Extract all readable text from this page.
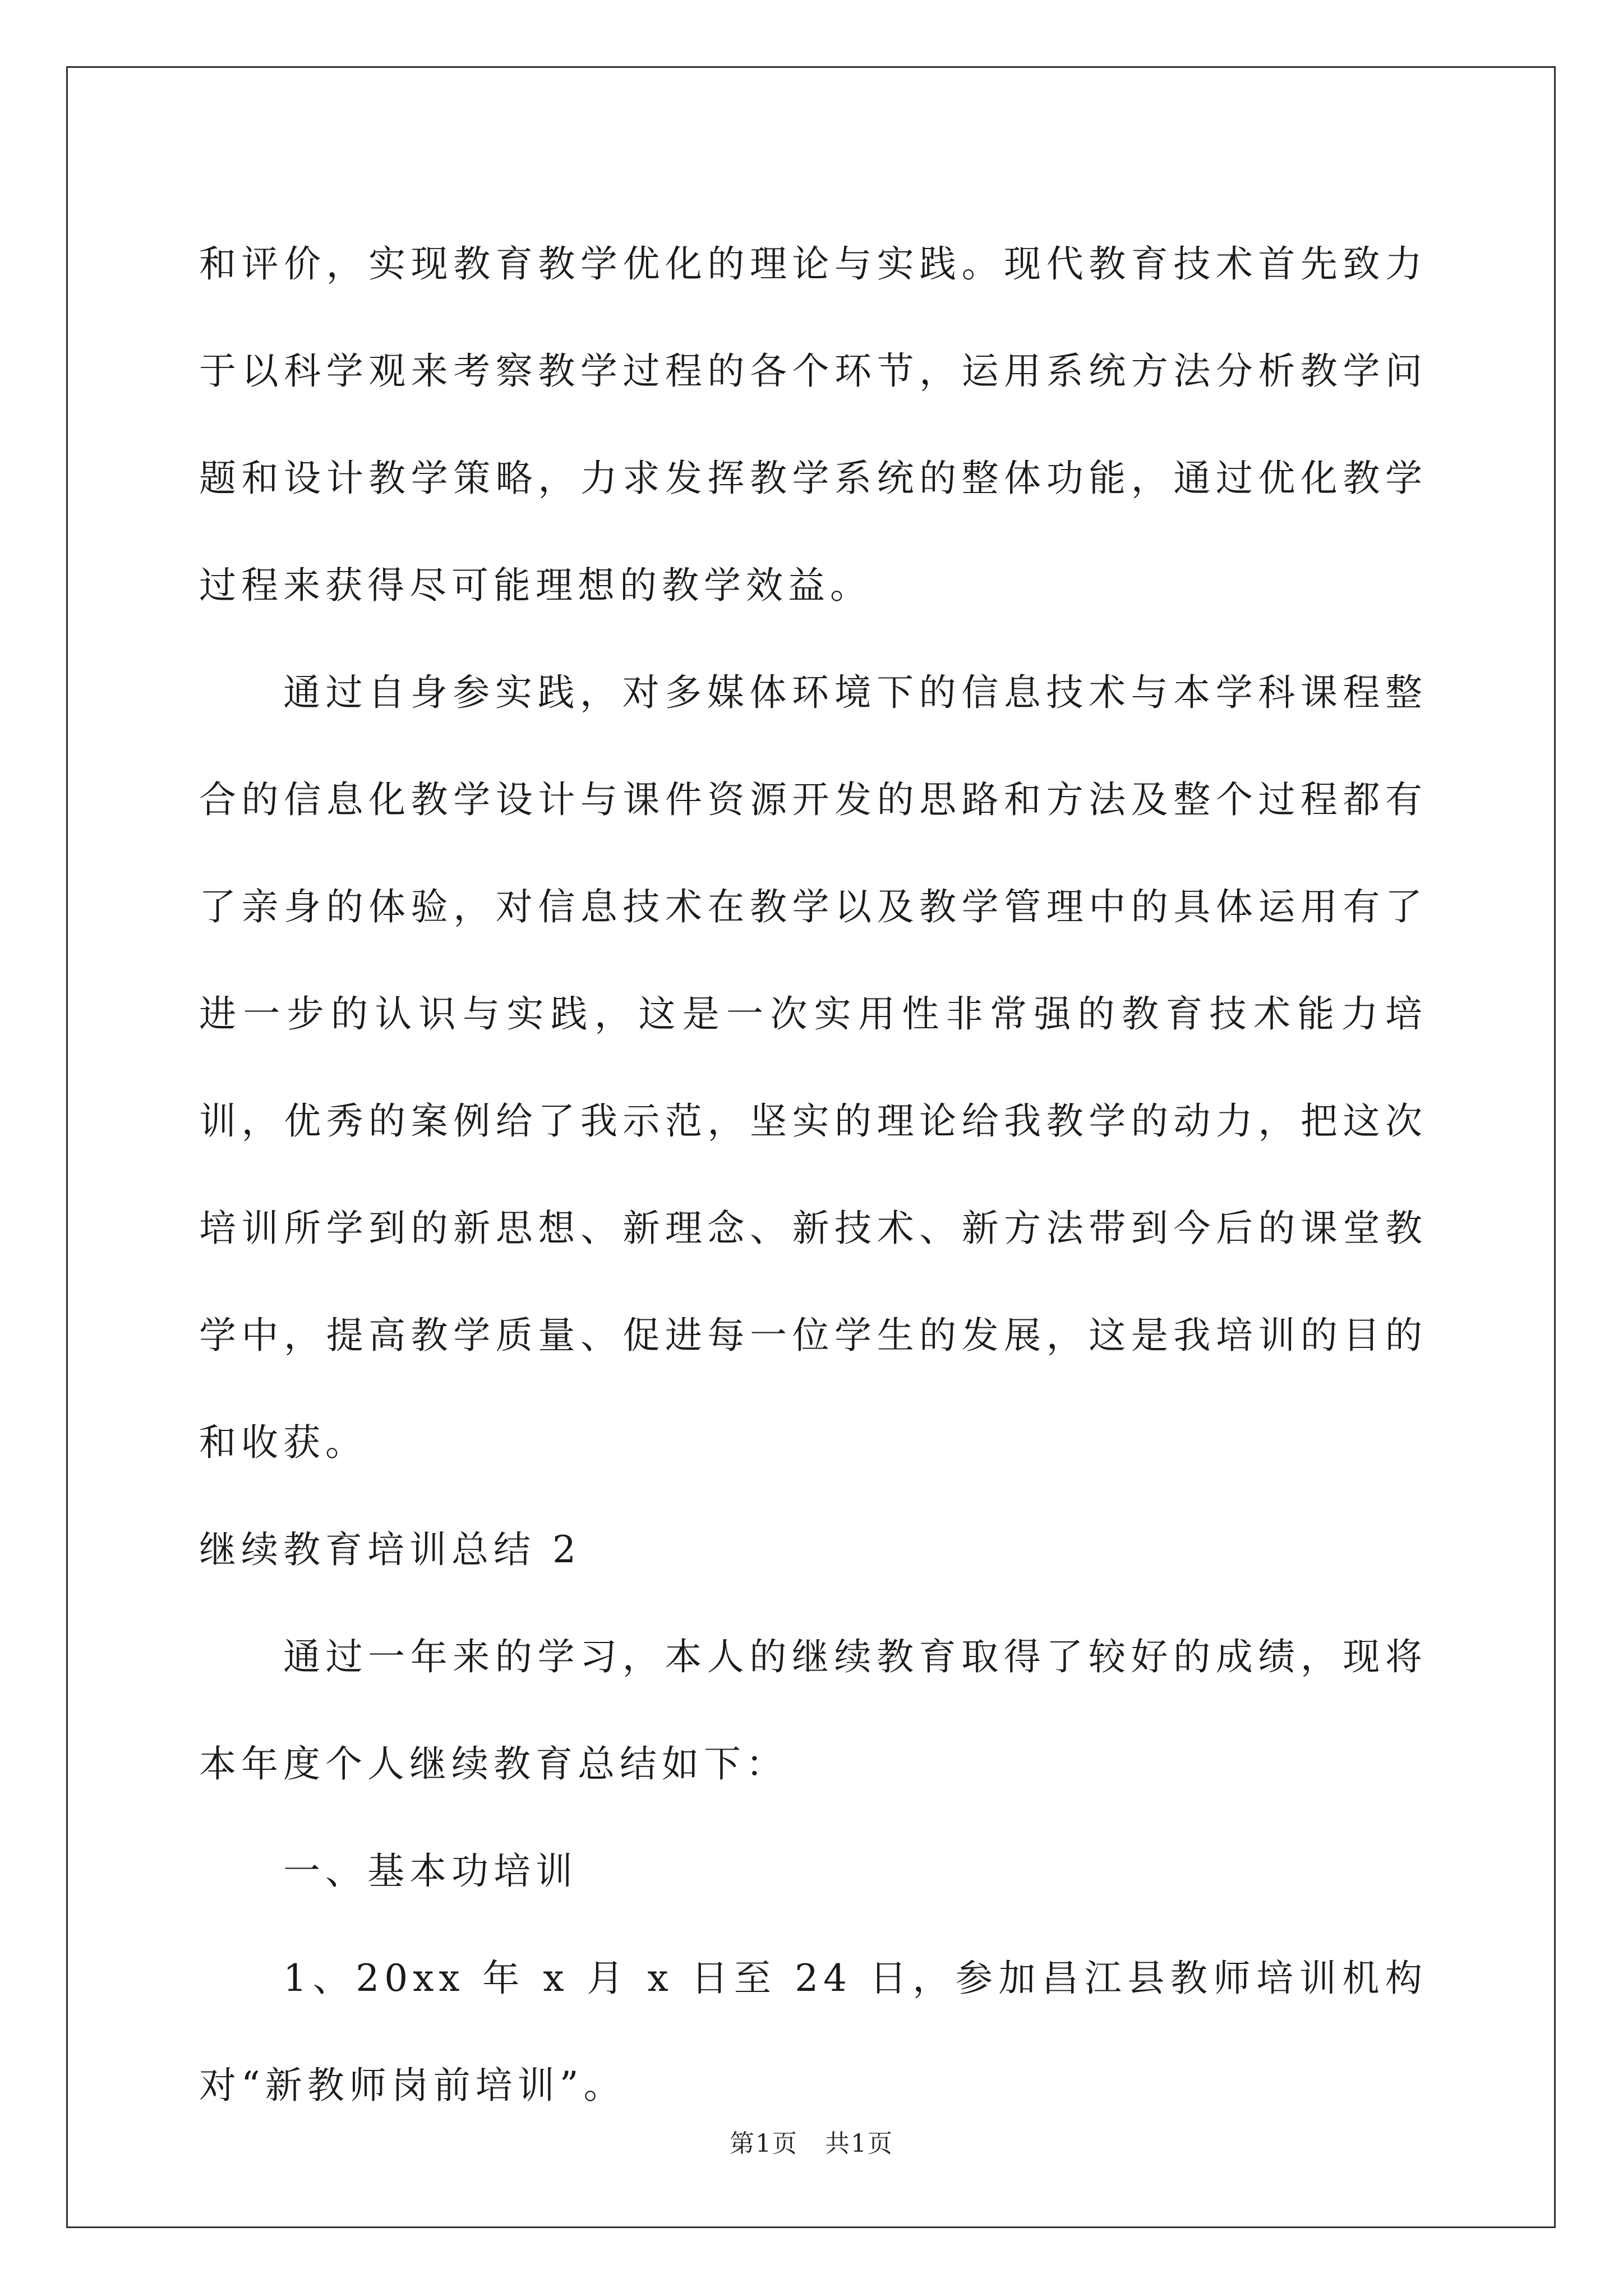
和评价，实现教育教学优化的理论与实践。现代教育技术首先致力于以科学观来考察教学过程的各个环节，运用系统方法分析教学问题和设计教学策略，力求发挥教学系统的整体功能，通过优化教学过程来获得尽可能理想的教学效益。

通过自身参实践，对多媒体环境下的信息技术与本学科课程整合的信息化教学设计与课件资源开发的思路和方法及整个过程都有了亲身的体验，对信息技术在教学以及教学管理中的具体运用有了进一步的认识与实践，这是一次实用性非常强的教育技术能力培训，优秀的案例给了我示范，坚实的理论给我教学的动力，把这次培训所学到的新思想、新理念、新技术、新方法带到今后的课堂教学中，提高教学质量、促进每一位学生的发展，这是我培训的目的和收获。

继续教育培训总结 2

通过一年来的学习，本人的继续教育取得了较好的成绩，现将本年度个人继续教育总结如下：

一、基本功培训

1、20xx 年 x 月 x 日至 24 日，参加昌江县教师培训机构对“新教师岗前培训”。

第1页 共1页
